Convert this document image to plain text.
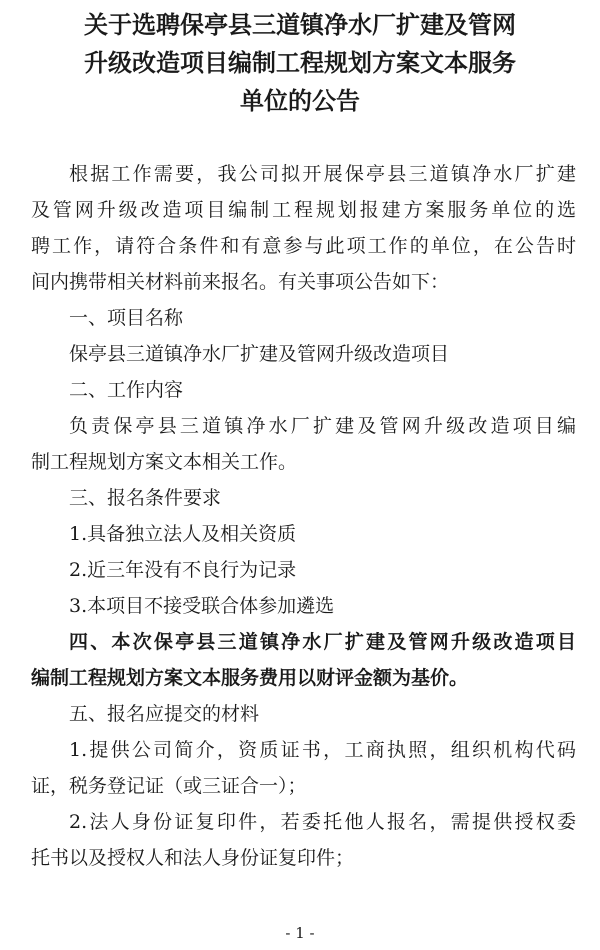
关于选聘保亭县三道镇净水厂扩建及管网
升级改造项目编制工程规划方案文本服务
单位的公告
根据工作需要，我公司拟开展保亭县三道镇净水厂扩建
及管网升级改造项目编制工程规划报建方案服务单位的选
聘工作，请符合条件和有意参与此项工作的单位，在公告时
间内携带相关材料前来报名。有关事项公告如下：
一、项目名称
保亭县三道镇净水厂扩建及管网升级改造项目
二、工作内容
负责保亭县三道镇净水厂扩建及管网升级改造项目编
制工程规划方案文本相关工作。
三、报名条件要求
1.具备独立法人及相关资质
2.近三年没有不良行为记录
3.本项目不接受联合体参加遴选
四、本次保亭县三道镇净水厂扩建及管网升级改造项目
编制工程规划方案文本服务费用以财评金额为基价。
五、报名应提交的材料
1.提供公司简介，资质证书，工商执照，组织机构代码
证，税务登记证（或三证合一）；
2.法人身份证复印件，若委托他人报名，需提供授权委
托书以及授权人和法人身份证复印件；
- 1 -
